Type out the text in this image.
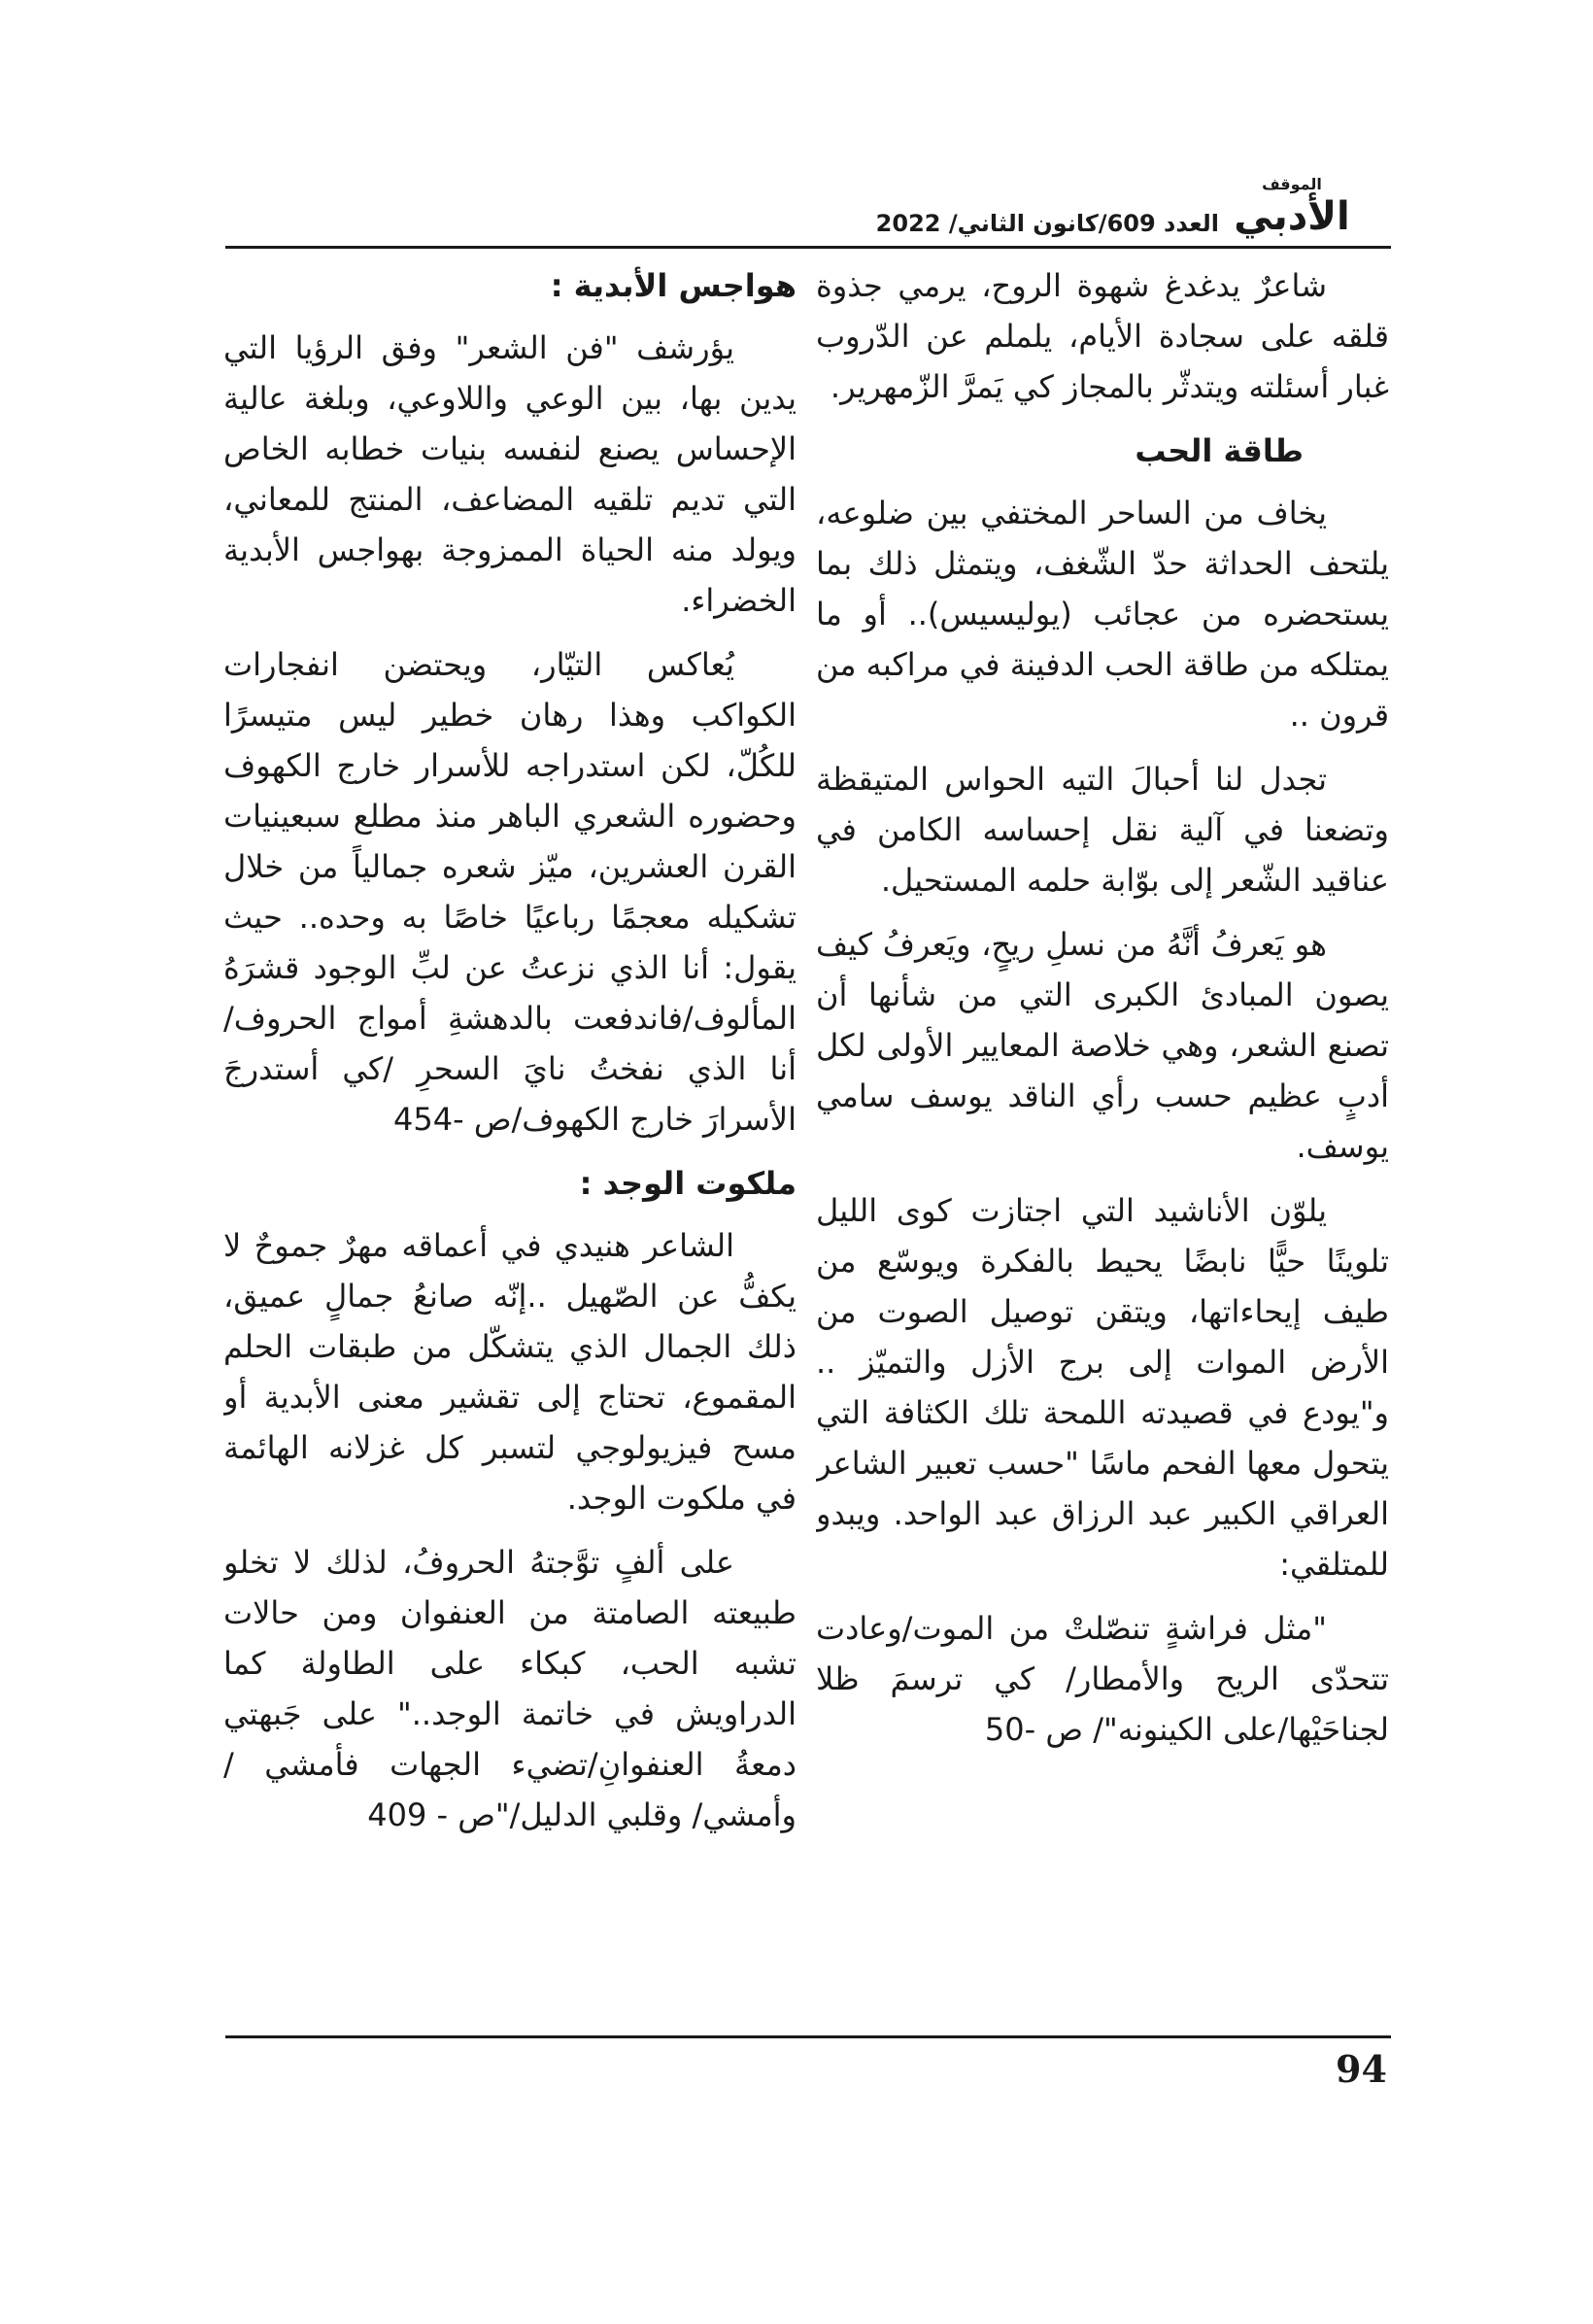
الموقف
الأدبي
العدد 609/كانون الثاني/ 2022

شاعرٌ يدغدغ شهوة الروح، يرمي جذوة قلقه على سجادة الأيام، يلملم عن الدّروب غبار أسئلته ويتدثّر بالمجاز كي يَمرَّ الزّمهرير.

طاقة الحب

يخاف من الساحر المختفي بين ضلوعه، يلتحف الحداثة حدّ الشّغف، ويتمثل ذلك بما يستحضره من عجائب (يوليسيس).. أو ما يمتلكه من طاقة الحب الدفينة في مراكبه من قرون ..

تجدل لنا أحبالَ التيه الحواس المتيقظة وتضعنا في آلية نقل إحساسه الكامن في عناقيد الشّعر إلى بوّابة حلمه المستحيل.

هو يَعرفُ أنَّهُ من نسلِ ريحٍ، ويَعرفُ كيف يصون المبادئ الكبرى التي من شأنها أن تصنع الشعر، وهي خلاصة المعايير الأولى لكل أدبٍ عظيم حسب رأي الناقد يوسف سامي يوسف.

يلوّن الأناشيد التي اجتازت كوى الليل تلوينًا حيًّا نابضًا يحيط بالفكرة ويوسّع من طيف إيحاءاتها، ويتقن توصيل الصوت من الأرض الموات إلى برج الأزل والتميّز .. و"يودع في قصيدته اللمحة تلك الكثافة التي يتحول معها الفحم ماسًا "حسب تعبير الشاعر العراقي الكبير عبد الرزاق عبد الواحد. ويبدو للمتلقي:

"مثل فراشةٍ تنصّلتْ من الموت/وعادت تتحدّى الريح والأمطار/ كي ترسمَ ظلا لجناحَيْها/على الكينونه"/ ص -50

هواجس الأبدية :

يؤرشف "فن الشعر" وفق الرؤيا التي يدين بها، بين الوعي واللاوعي، وبلغة عالية الإحساس يصنع لنفسه بنيات خطابه الخاص التي تديم تلقيه المضاعف، المنتج للمعاني، ويولد منه الحياة الممزوجة بهواجس الأبدية الخضراء.

يُعاكس التيّار، ويحتضن انفجارات الكواكب وهذا رهان خطير ليس متيسرًا للكُلّ، لكن استدراجه للأسرار خارج الكهوف وحضوره الشعري الباهر منذ مطلع سبعينيات القرن العشرين، ميّز شعره جمالياً من خلال تشكيله معجمًا رباعيًا خاصًا به وحده.. حيث يقول: أنا الذي نزعتُ عن لبِّ الوجود قشرَهُ المألوف/فاندفعت بالدهشةِ أمواج الحروف/ أنا الذي نفختُ نايَ السحرِ /كي أستدرجَ الأسرارَ خارج الكهوف/ص -454

ملكوت الوجد :

الشاعر هنيدي في أعماقه مهرٌ جموحٌ لا يكفُّ عن الصّهيل ..إنّه صانعُ جمالٍ عميق، ذلك الجمال الذي يتشكّل من طبقات الحلم المقموع، تحتاج إلى تقشير معنى الأبدية أو مسح فيزيولوجي لتسبر كل غزلانه الهائمة في ملكوت الوجد.

على ألفٍ توَّجتهُ الحروفُ، لذلك لا تخلو طبيعته الصامتة من العنفوان ومن حالات تشبه الحب، كبكاء على الطاولة كما الدراويش في خاتمة الوجد.." على جَبهتي دمعةُ العنفوانِ/تضيء الجهات فأمشي /وأمشي/ وقلبي الدليل/"ص - 409

94
